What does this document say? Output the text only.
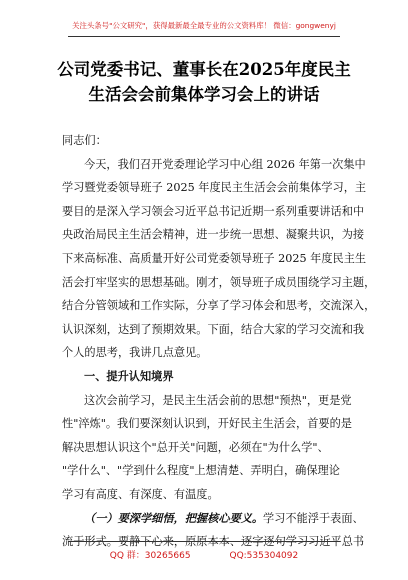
关注头条号"公文研究"，获得最新最全最专业的公文资料库！ 微信：gongwenyj
公司党委书记、董事长在2025年度民主
生活会会前集体学习会上的讲话
同志们：
今天，我们召开党委理论学习中心组 2026 年第一次集中
学习暨党委领导班子 2025 年度民主生活会会前集体学习，主
要目的是深入学习领会习近平总书记近期一系列重要讲话和中
央政治局民主生活会精神，进一步统一思想、凝聚共识，为接
下来高标准、高质量开好公司党委领导班子 2025 年度民主生
活会打牢坚实的思想基础。刚才，领导班子成员围绕学习主题，
结合分管领域和工作实际，分享了学习体会和思考，交流深入，
认识深刻，达到了预期效果。下面，结合大家的学习交流和我
个人的思考，我讲几点意见。
一、提升认知境界
这次会前学习，是民主生活会前的思想"预热"，更是党
性"淬炼"。我们要深刻认识到，开好民主生活会，首要的是
解决思想认识这个"总开关"问题，必须在"为什么学"、
"学什么"、"学到什么程度"上想清楚、弄明白，确保理论
学习有高度、有深度、有温度。
（一）要深学细悟，把握核心要义。学习不能浮于表面、
流于形式。要静下心来，原原本本、逐字逐句学习习近平总书
QQ 群：30265665	QQ:535304092
